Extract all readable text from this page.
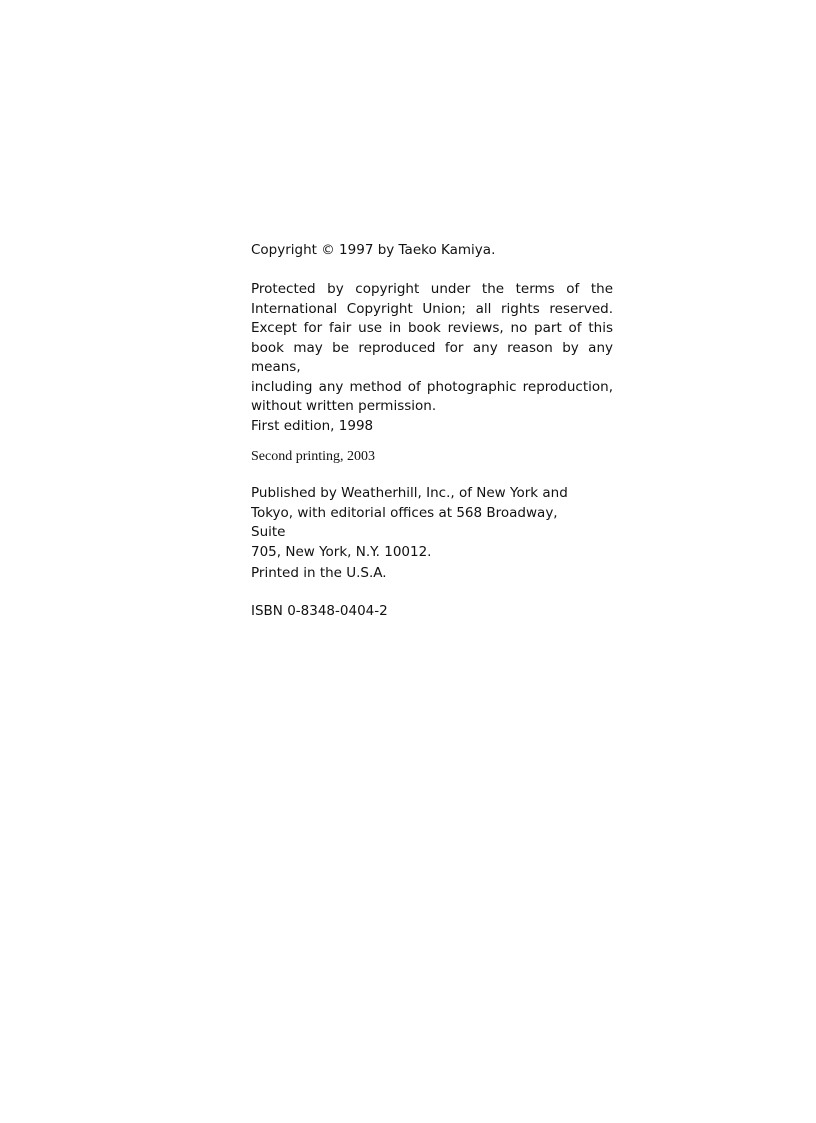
Copyright © 1997 by Taeko Kamiya.

Protected by copyright under the terms of the
International Copyright Union; all rights reserved.
Except for fair use in book reviews, no part of this
book may be reproduced for any reason by any means,
including any method of photographic reproduction,
without written permission.

First edition, 1998

Second printing, 2003

Published by Weatherhill, Inc., of New York and
Tokyo, with editorial offices at 568 Broadway, Suite
705, New York, N.Y. 10012.

Printed in the U.S.A.

ISBN 0-8348-0404-2
